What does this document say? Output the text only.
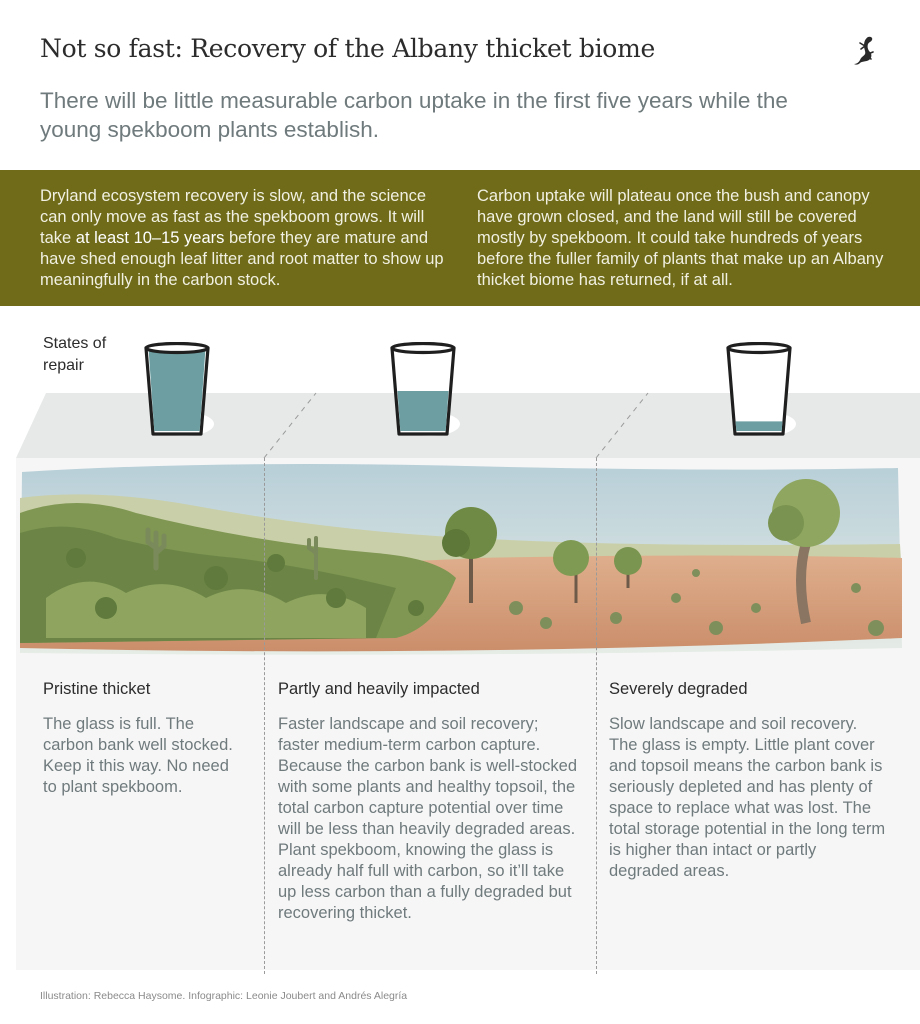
Not so fast: Recovery of the Albany thicket biome
There will be little measurable carbon uptake in the first five years while the young spekboom plants establish.
Dryland ecosystem recovery is slow, and the science can only move as fast as the spekboom grows. It will take at least 10–15 years before they are mature and have shed enough leaf litter and root matter to show up meaningfully in the carbon stock.
Carbon uptake will plateau once the bush and canopy have grown closed, and the land will still be covered mostly by spekboom. It could take hundreds of years before the fuller family of plants that make up an Albany thicket biome has returned, if at all.
States of repair
Pristine thicket
The glass is full. The carbon bank well stocked. Keep it this way. No need to plant spekboom.
Partly and heavily impacted
Faster landscape and soil recovery; faster medium-term carbon capture. Because the carbon bank is well-stocked with some plants and healthy topsoil, the total carbon capture potential over time will be less than heavily degraded areas. Plant spekboom, knowing the glass is already half full with carbon, so it’ll take up less carbon than a fully degraded but recovering thicket.
Severely degraded
Slow landscape and soil recovery. The glass is empty. Little plant cover and topsoil means the carbon bank is seriously depleted and has plenty of space to replace what was lost. The total storage potential in the long term is higher than intact or partly degraded areas.
Illustration: Rebecca Haysome. Infographic: Leonie Joubert and Andrés Alegría
